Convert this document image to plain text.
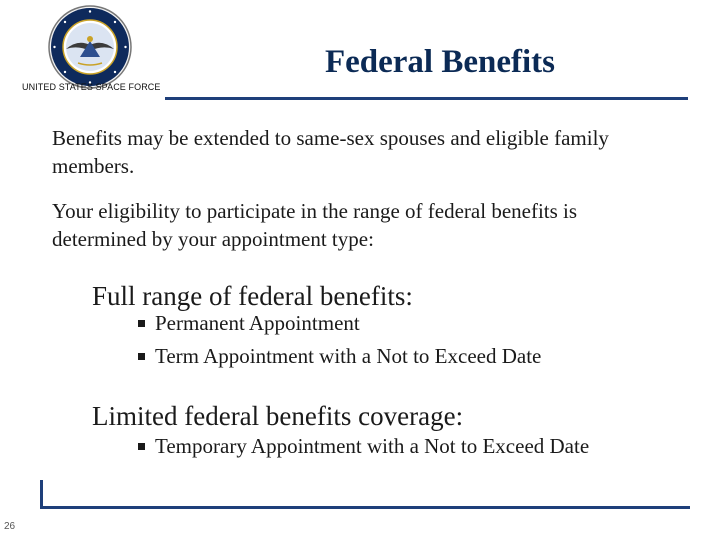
UNITED STATES SPACE FORCE
Federal Benefits

Benefits may be extended to same-sex spouses and eligible family members.

Your eligibility to participate in the range of federal benefits is determined by your appointment type:

Full range of federal benefits:

Permanent Appointment
Term Appointment with a Not to Exceed Date

Limited federal benefits coverage:

Temporary Appointment with a Not to Exceed Date
26
